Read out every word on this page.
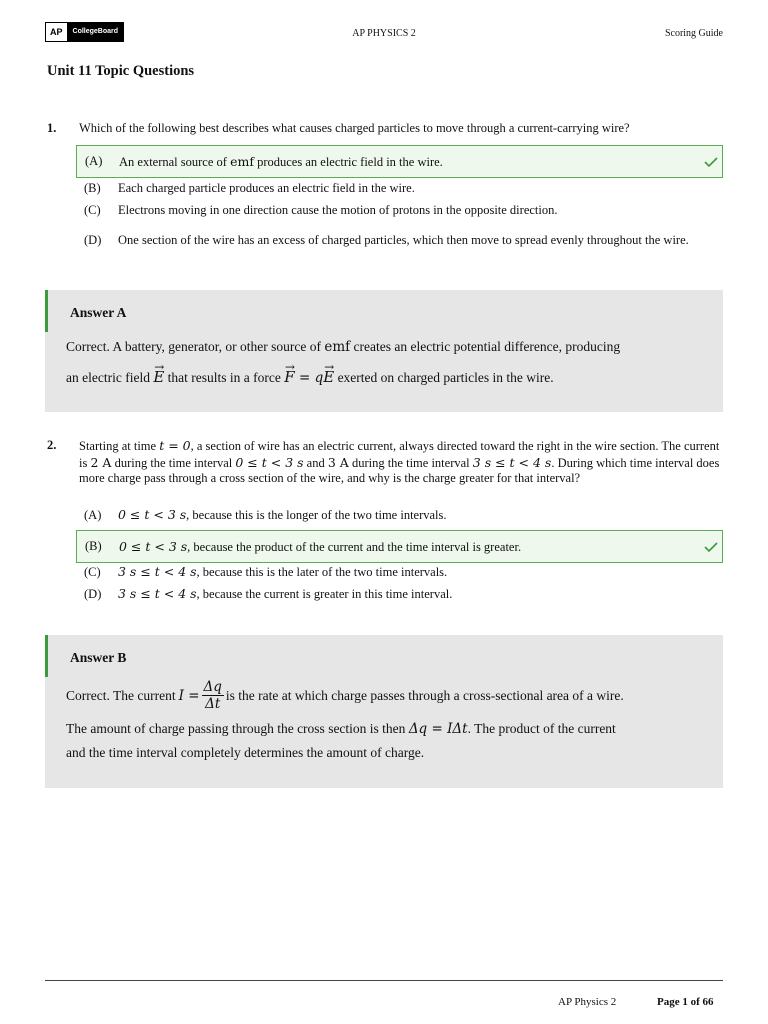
AP	CollegeBoard	AP PHYSICS 2	Scoring Guide
Unit 11 Topic Questions
1. Which of the following best describes what causes charged particles to move through a current-carrying wire?
(A)	An external source of emf produces an electric field in the wire.
(B)	Each charged particle produces an electric field in the wire.
(C)	Electrons moving in one direction cause the motion of protons in the opposite direction.
(D)	One section of the wire has an excess of charged particles, which then move to spread evenly throughout the wire.
Answer A
Correct. A battery, generator, or other source of emf creates an electric potential difference, producing
an electric field → E that results in a force → F = q→ E exerted on charged particles in the wire.
2. Starting at time t = 0, a section of wire has an electric current, always directed toward the right in the wire section. The current is 2 A during the time interval 0 ≤ t < 3 s and 3 A during the time interval 3 s ≤ t < 4 s. During which time interval does more charge pass through a cross section of the wire, and why is the charge greater for that interval?
(A)	0 ≤ t < 3 s, because this is the longer of the two time intervals.
(B)	0 ≤ t < 3 s, because the product of the current and the time interval is greater.
(C)	3 s ≤ t < 4 s, because this is the later of the two time intervals.
(D)	3 s ≤ t < 4 s, because the current is greater in this time interval.
Answer B
Correct. The current $I = \frac{\Delta q}{\Delta t}$ is the rate at which charge passes through a cross-sectional area of a wire.
The amount of charge passing through the cross section is then Δq = IΔt. The product of the current
and the time interval completely determines the amount of charge.
AP Physics 2	Page 1 of 66
